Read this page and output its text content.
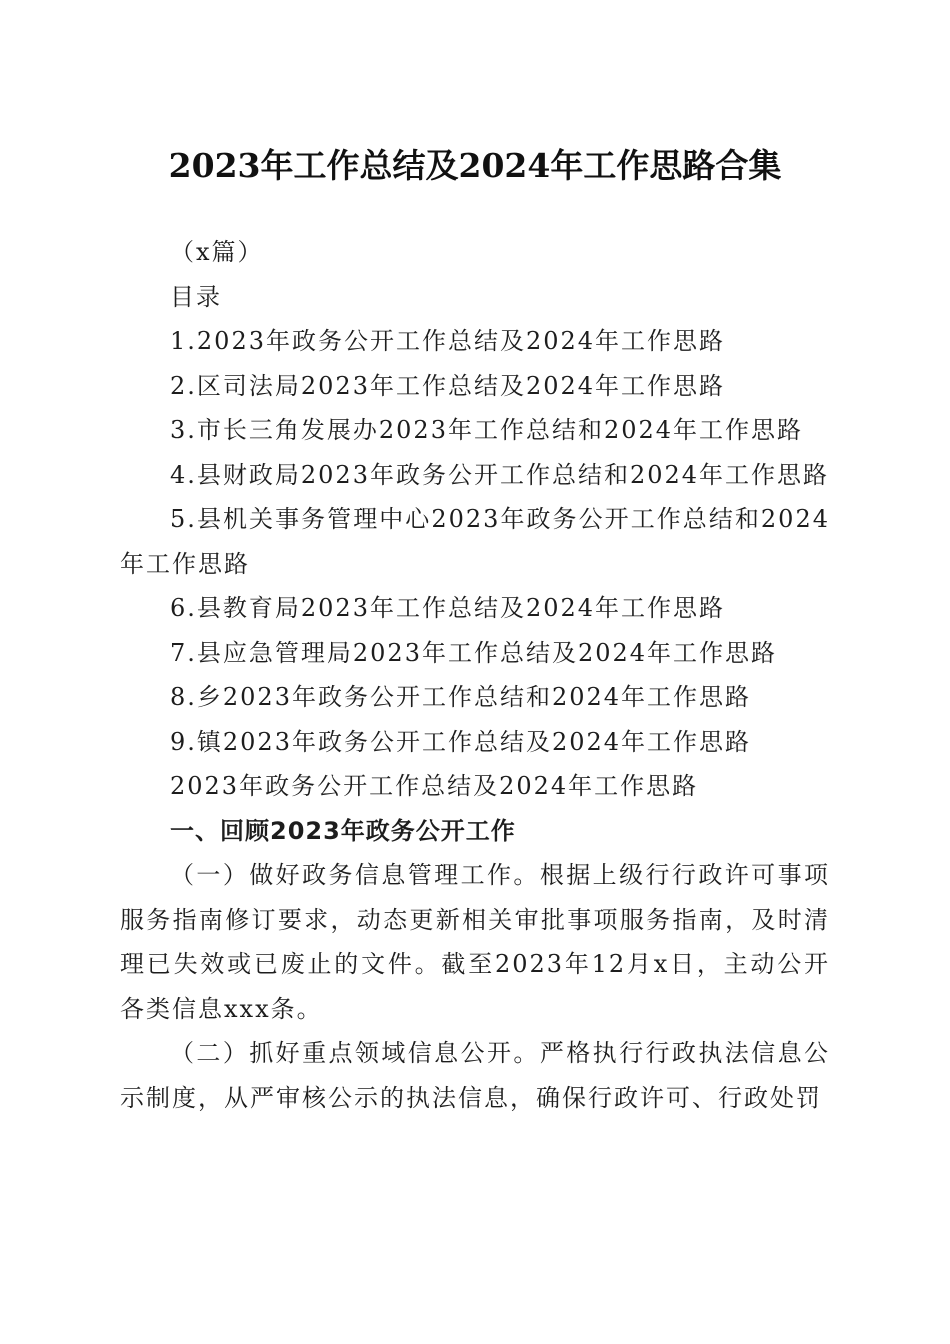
2023年工作总结及2024年工作思路合集
（x篇）
目录
1.2023年政务公开工作总结及2024年工作思路
2.区司法局2023年工作总结及2024年工作思路
3.市长三角发展办2023年工作总结和2024年工作思路
4.县财政局2023年政务公开工作总结和2024年工作思路
5.县机关事务管理中心2023年政务公开工作总结和2024
年工作思路
6.县教育局2023年工作总结及2024年工作思路
7.县应急管理局2023年工作总结及2024年工作思路
8.乡2023年政务公开工作总结和2024年工作思路
9.镇2023年政务公开工作总结及2024年工作思路
2023年政务公开工作总结及2024年工作思路
一、回顾2023年政务公开工作
（一）做好政务信息管理工作。根据上级行行政许可事项服务指南修订要求，动态更新相关审批事项服务指南，及时清理已失效或已废止的文件。截至2023年12月x日，主动公开各类信息xxx条。
（二）抓好重点领域信息公开。严格执行行政执法信息公示制度，从严审核公示的执法信息，确保行政许可、行政处罚
